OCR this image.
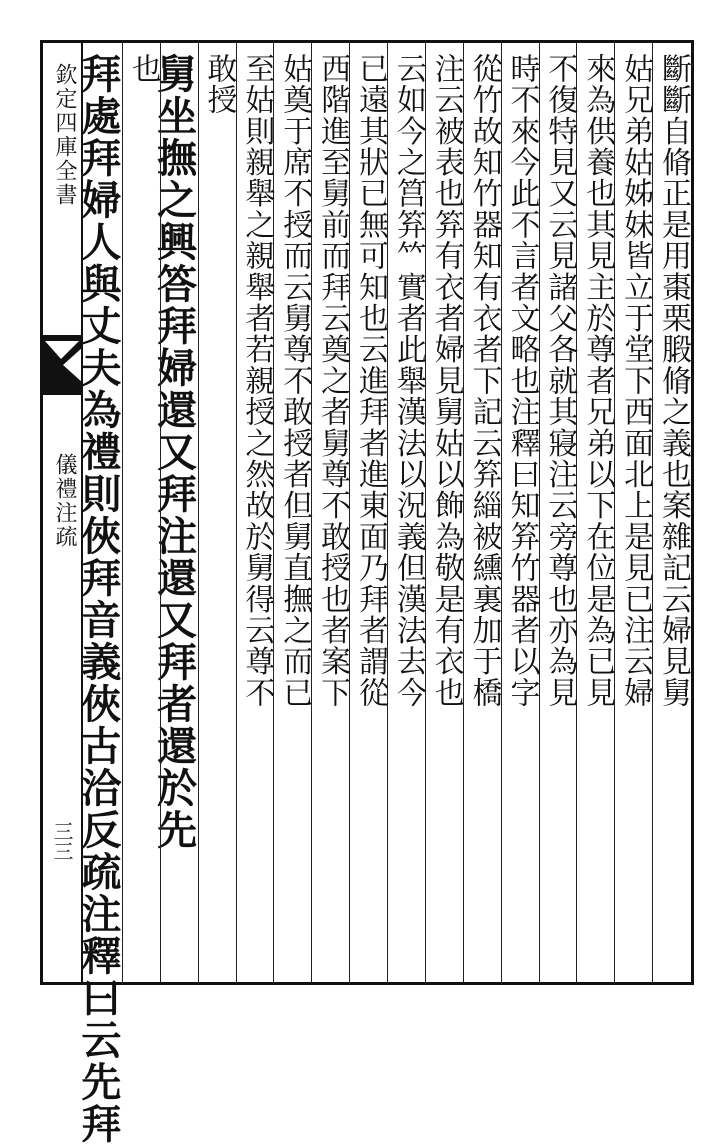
欽定四庫全書
儀禮注疏
三三
斷斷自脩正是用棗栗腶脩之義也案雜記云婦見舅
姑兄弟姑姊妹皆立于堂下西面北上是見已注云婦
來為供養也其見主於尊者兄弟以下在位是為已見
不復特見又云見諸父各就其寢注云旁尊也亦為見
時不來今此不言者文略也注釋曰知笲竹器者以字
從竹故知竹器知有衣者下記云笲緇被纁裏加于橋
注云被表也笲有衣者婦見舅姑以飾為敬是有衣也
云如今之筥笲𥫗實者此舉漢法以況義但漢法去今
已遠其狀已無可知也云進拜者進東面乃拜者謂從
西階進至舅前而拜云奠之者舅尊不敢授也者案下
姑奠于席不授而云舅尊不敢授者但舅直撫之而已
至姑則親舉之親舉者若親授之然故於舅得云尊不
敢授
舅坐撫之興答拜婦還又拜注還又拜者還於先
也
拜處拜婦人與丈夫為禮則俠拜音義俠古洽反疏注釋曰云先拜
